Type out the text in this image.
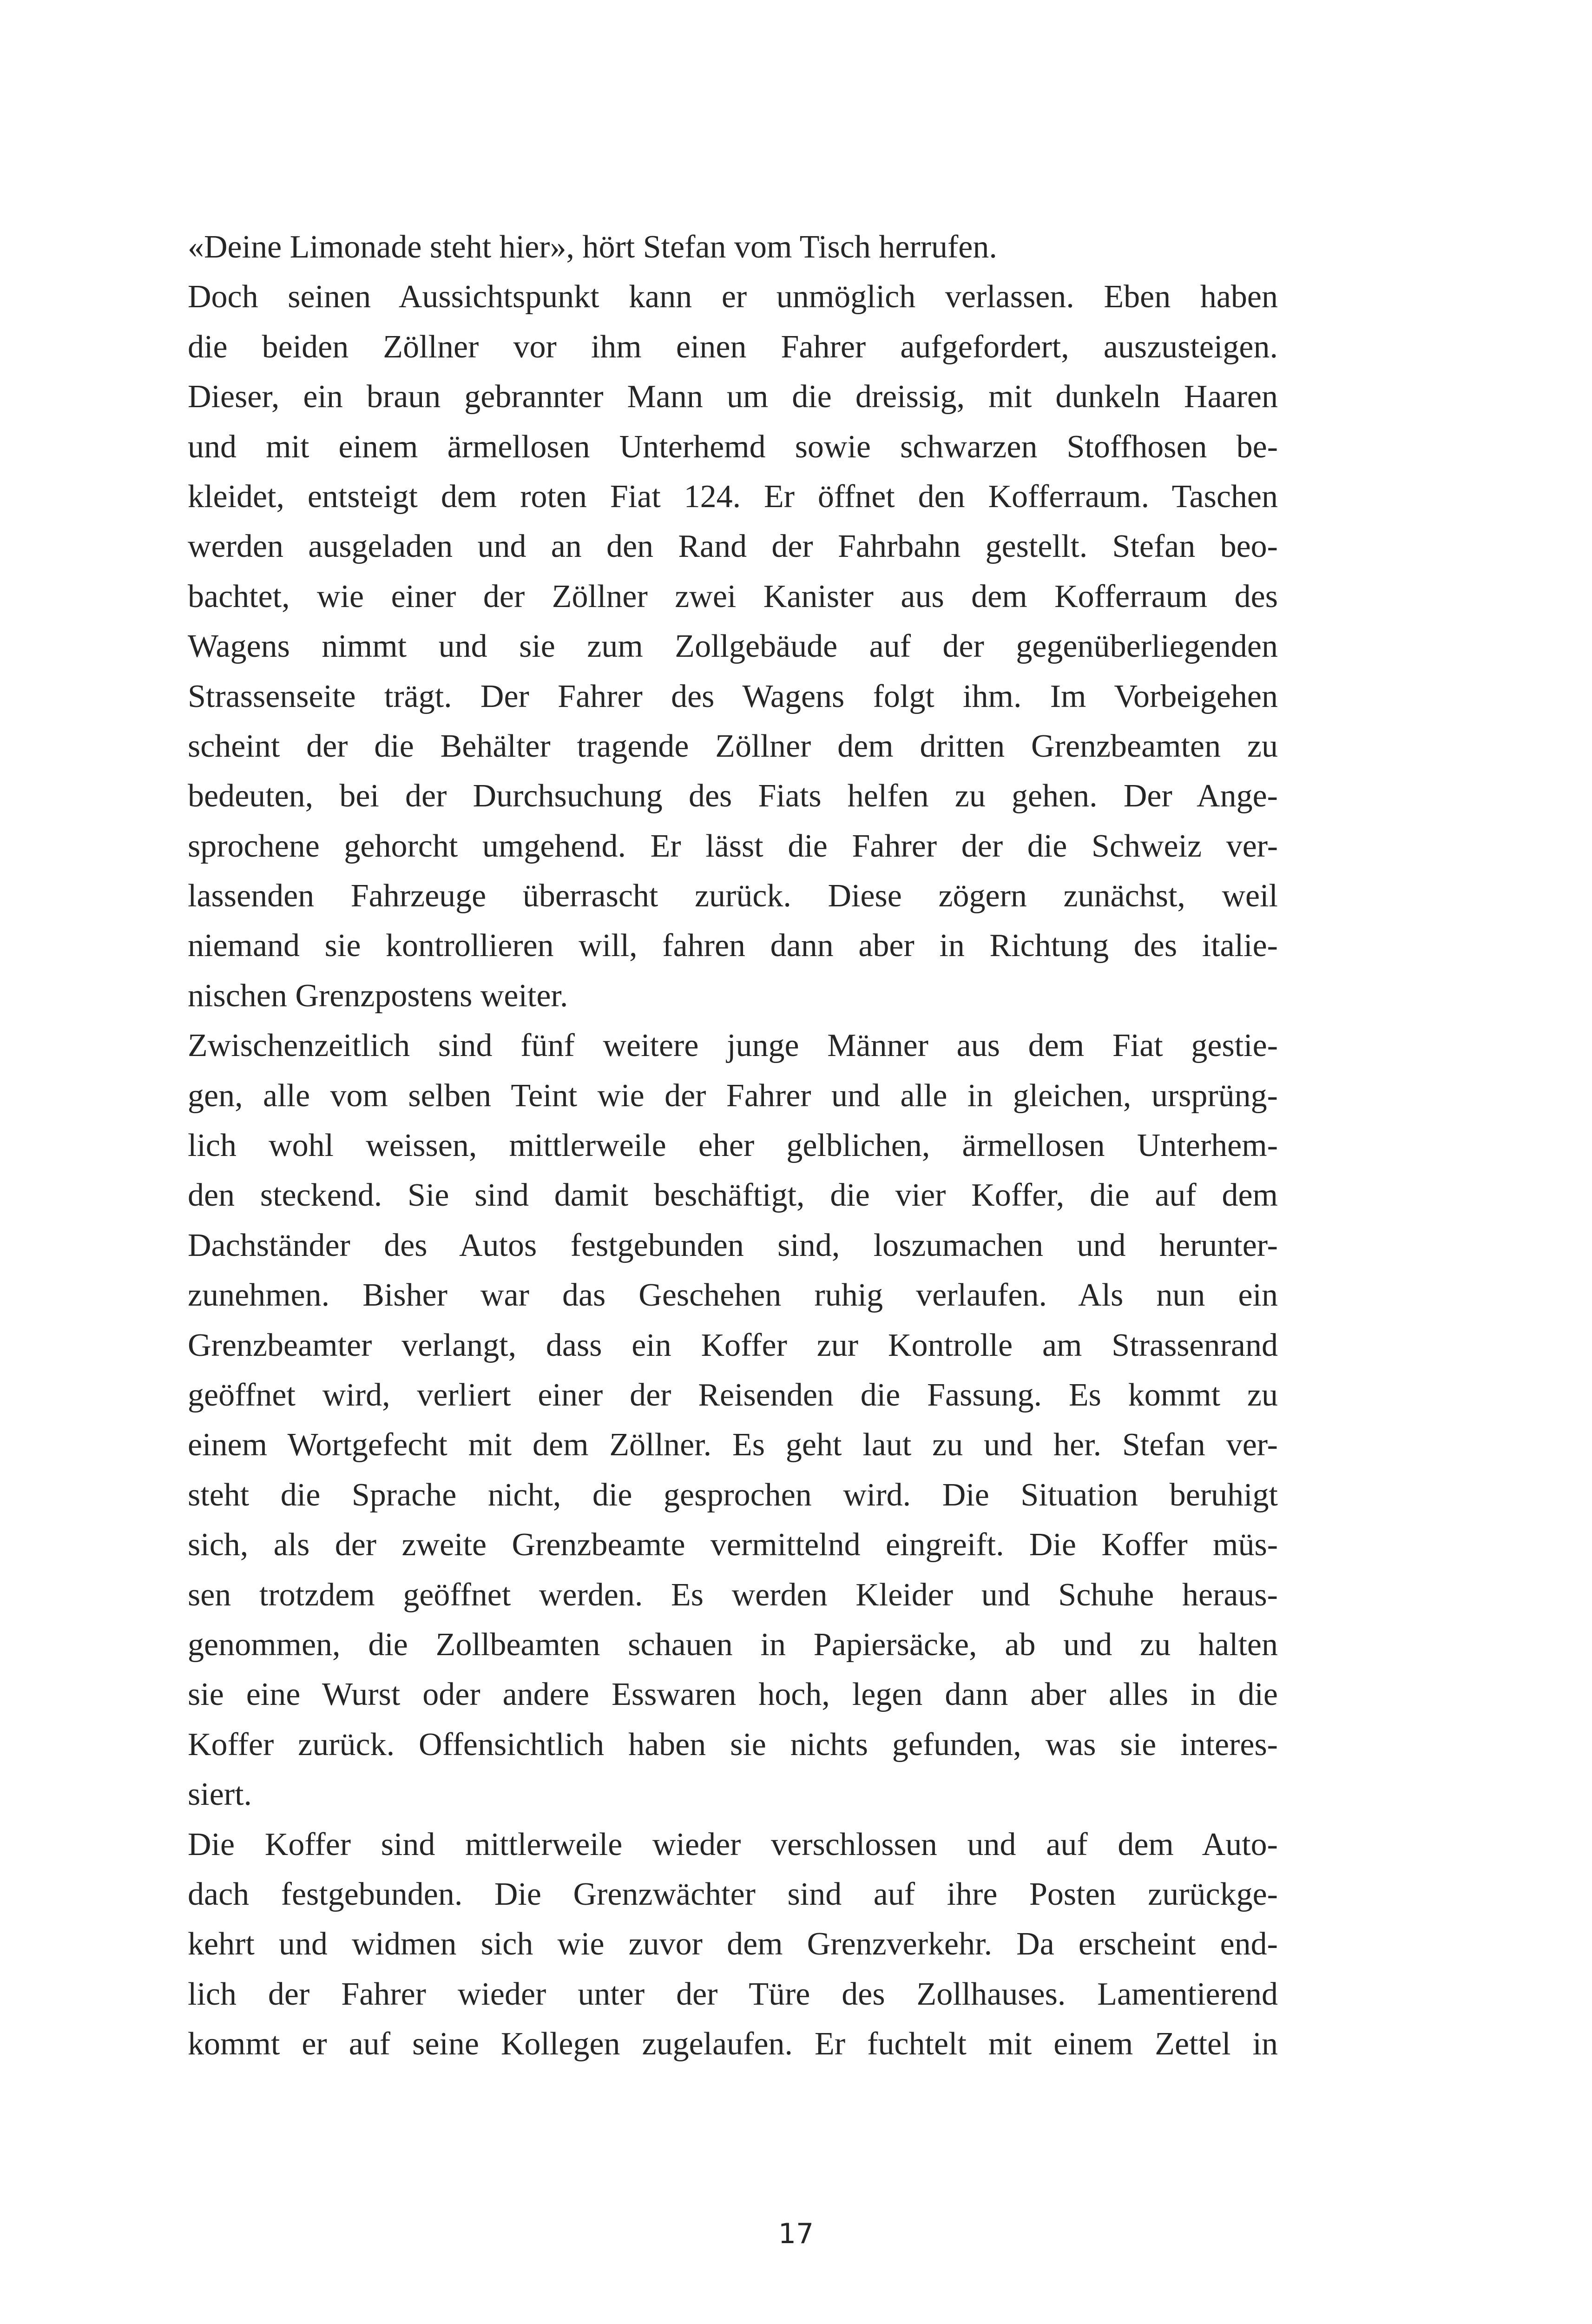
«Deine Limonade steht hier», hört Stefan vom Tisch herrufen.
Doch seinen Aussichtspunkt kann er unmöglich verlassen. Eben haben
die beiden Zöllner vor ihm einen Fahrer aufgefordert, auszusteigen.
Dieser, ein braun gebrannter Mann um die dreissig, mit dunkeln Haaren
und mit einem ärmellosen Unterhemd sowie schwarzen Stoffhosen be-
kleidet, entsteigt dem roten Fiat 124. Er öffnet den Kofferraum. Taschen
werden ausgeladen und an den Rand der Fahrbahn gestellt. Stefan beo-
bachtet, wie einer der Zöllner zwei Kanister aus dem Kofferraum des
Wagens nimmt und sie zum Zollgebäude auf der gegenüberliegenden
Strassenseite trägt. Der Fahrer des Wagens folgt ihm. Im Vorbeigehen
scheint der die Behälter tragende Zöllner dem dritten Grenzbeamten zu
bedeuten, bei der Durchsuchung des Fiats helfen zu gehen. Der Ange-
sprochene gehorcht umgehend. Er lässt die Fahrer der die Schweiz ver-
lassenden Fahrzeuge überrascht zurück. Diese zögern zunächst, weil
niemand sie kontrollieren will, fahren dann aber in Richtung des italie-
nischen Grenzpostens weiter.
Zwischenzeitlich sind fünf weitere junge Männer aus dem Fiat gestie-
gen, alle vom selben Teint wie der Fahrer und alle in gleichen, ursprüng-
lich wohl weissen, mittlerweile eher gelblichen, ärmellosen Unterhem-
den steckend. Sie sind damit beschäftigt, die vier Koffer, die auf dem
Dachständer des Autos festgebunden sind, loszumachen und herunter-
zunehmen. Bisher war das Geschehen ruhig verlaufen. Als nun ein
Grenzbeamter verlangt, dass ein Koffer zur Kontrolle am Strassenrand
geöffnet wird, verliert einer der Reisenden die Fassung. Es kommt zu
einem Wortgefecht mit dem Zöllner. Es geht laut zu und her. Stefan ver-
steht die Sprache nicht, die gesprochen wird. Die Situation beruhigt
sich, als der zweite Grenzbeamte vermittelnd eingreift. Die Koffer müs-
sen trotzdem geöffnet werden. Es werden Kleider und Schuhe heraus-
genommen, die Zollbeamten schauen in Papiersäcke, ab und zu halten
sie eine Wurst oder andere Esswaren hoch, legen dann aber alles in die
Koffer zurück. Offensichtlich haben sie nichts gefunden, was sie interes-
siert.
Die Koffer sind mittlerweile wieder verschlossen und auf dem Auto-
dach festgebunden. Die Grenzwächter sind auf ihre Posten zurückge-
kehrt und widmen sich wie zuvor dem Grenzverkehr. Da erscheint end-
lich der Fahrer wieder unter der Türe des Zollhauses. Lamentierend
kommt er auf seine Kollegen zugelaufen. Er fuchtelt mit einem Zettel in
17
